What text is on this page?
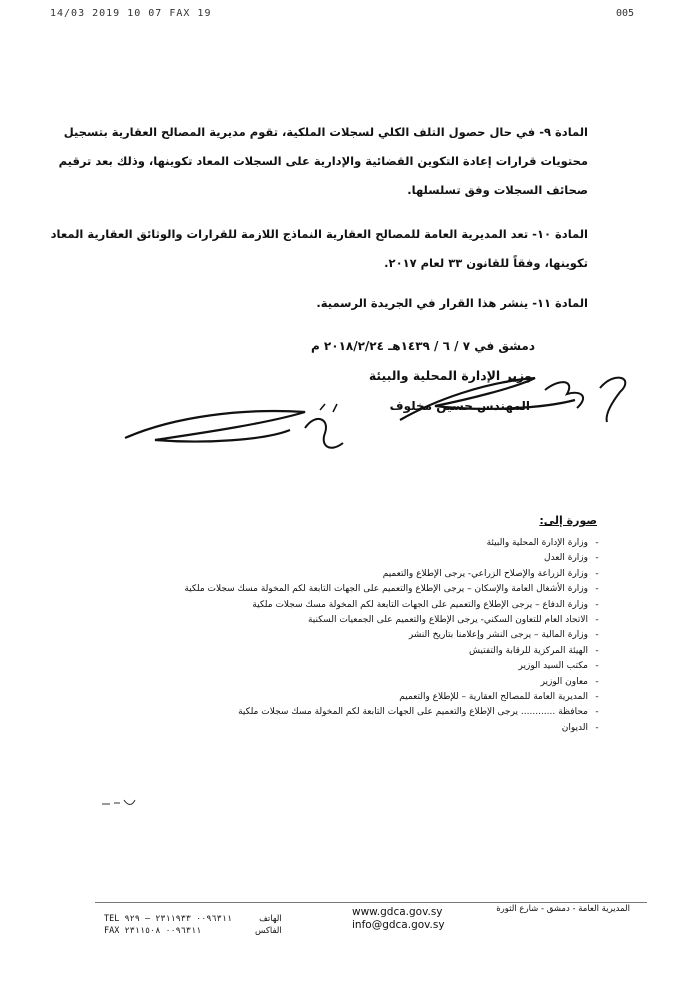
14/03 2019 10 07 FAX 19	005
المادة ٩- في حال حصول التلف الكلي لسجلات الملكية، تقوم مديرية المصالح العقارية بتسجيل
محتويات قرارات إعادة التكوين القضائية والإدارية على السجلات المعاد تكوينها، وذلك بعد ترقيم
صحائف السجلات وفق تسلسلها.
المادة ١٠- تعد المديرية العامة للمصالح العقارية النماذج اللازمة للقرارات والوثائق العقارية المعاد
تكوينها، وفقاً للقانون ٣٣ لعام ٢٠١٧.
المادة ١١- ينشر هذا القرار في الجريدة الرسمية.
دمشق في ٧ / ٦ / ١٤٣٩هـ ٢٠١٨/٢/٢٤ م
وزير الإدارة المحلية والبيئة
المهندس حسين مخلوف
صورة إلى:
-وزارة الإدارة المحلية والبيئة
-وزارة العدل
-وزارة الزراعة والإصلاح الزراعي- يرجى الإطلاع والتعميم
-وزارة الأشغال العامة والإسكان – يرجى الإطلاع والتعميم على الجهات التابعة لكم المخولة مسك سجلات ملكية
-وزارة الدفاع – يرجى الإطلاع والتعميم على الجهات التابعة لكم المخولة مسك سجلات ملكية
-الاتحاد العام للتعاون السكني- يرجى الإطلاع والتعميم على الجمعيات السكنية
-وزارة المالية – يرجى النشر وإعلامنا بتاريخ النشر
-الهيئة المركزية للرقابة والتفتيش
-مكتب السيد الوزير
-معاون الوزير
-المديرية العامة للمصالح العقارية – للإطلاع والتعميم
-محافظة ............ يرجى الإطلاع والتعميم على الجهات التابعة لكم المخولة مسك سجلات ملكية
-الديوان
المديرية العامة - دمشق - شارع الثورة
www.gdca.gov.sy
info@gdca.gov.sy
الهاتف
الفاكس
TEL ٠٠٩٦٣١١ ٢٣١١٩٣٣ – ٩٢٩
FAX ٠٠٩٦٣١١ ٢٣١١٥٠٨
